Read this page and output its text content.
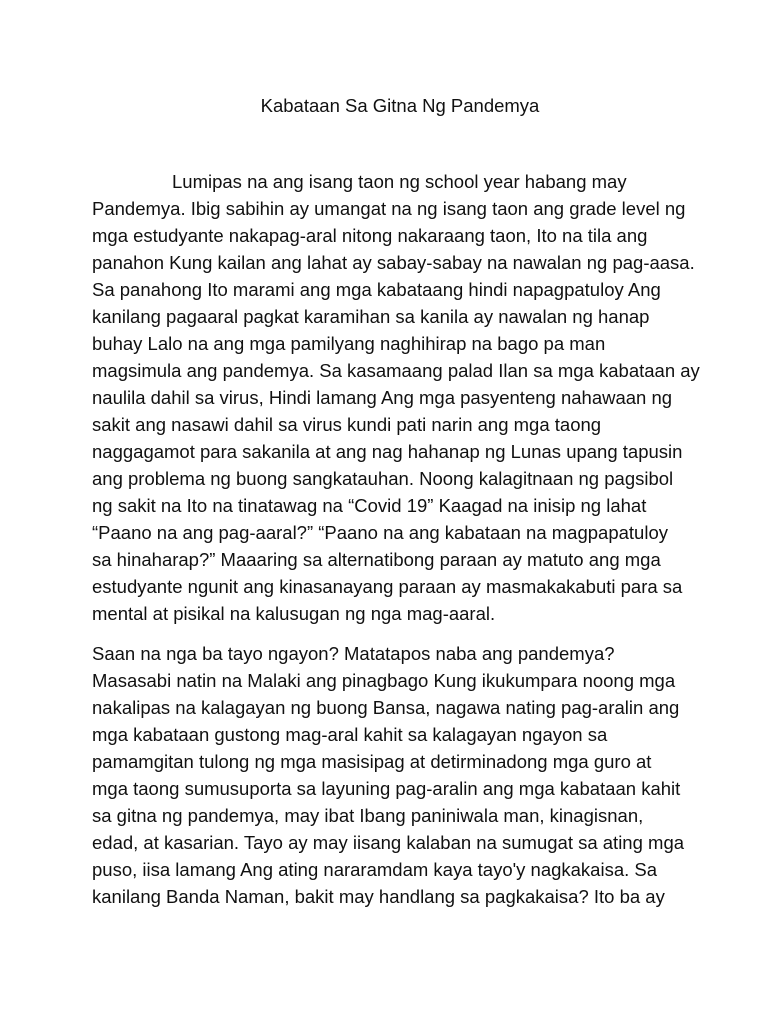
Kabataan Sa Gitna Ng Pandemya
Lumipas na ang isang taon ng school year habang may
Pandemya. Ibig sabihin ay umangat na ng isang taon ang grade level ng
mga estudyante nakapag-aral nitong nakaraang taon, Ito na tila ang
panahon Kung kailan ang lahat ay sabay-sabay na nawalan ng pag-aasa.
Sa panahong Ito marami ang mga kabataang hindi napagpatuloy Ang
kanilang pagaaral pagkat karamihan sa kanila ay nawalan ng hanap
buhay Lalo na ang mga pamilyang naghihirap na bago pa man
magsimula ang pandemya. Sa kasamaang palad Ilan sa mga kabataan ay
naulila dahil sa virus, Hindi lamang Ang mga pasyenteng nahawaan ng
sakit ang nasawi dahil sa virus kundi pati narin ang mga taong
naggagamot para sakanila at ang nag hahanap ng Lunas upang tapusin
ang problema ng buong sangkatauhan. Noong kalagitnaan ng pagsibol
ng sakit na Ito na tinatawag na “Covid 19” Kaagad na inisip ng lahat
“Paano na ang pag-aaral?” “Paano na ang kabataan na magpapatuloy
sa hinaharap?” Maaaring sa alternatibong paraan ay matuto ang mga
estudyante ngunit ang kinasanayang paraan ay masmakakabuti para sa
mental at pisikal na kalusugan ng nga mag-aaral.
Saan na nga ba tayo ngayon? Matatapos naba ang pandemya?
Masasabi natin na Malaki ang pinagbago Kung ikukumpara noong mga
nakalipas na kalagayan ng buong Bansa, nagawa nating pag-aralin ang
mga kabataan gustong mag-aral kahit sa kalagayan ngayon sa
pamamgitan tulong ng mga masisipag at detirminadong mga guro at
mga taong sumusuporta sa layuning pag-aralin ang mga kabataan kahit
sa gitna ng pandemya, may ibat Ibang paniniwala man, kinagisnan,
edad, at kasarian. Tayo ay may iisang kalaban na sumugat sa ating mga
puso, iisa lamang Ang ating nararamdam kaya tayo'y nagkakaisa. Sa
kanilang Banda Naman, bakit may handlang sa pagkakaisa? Ito ba ay
